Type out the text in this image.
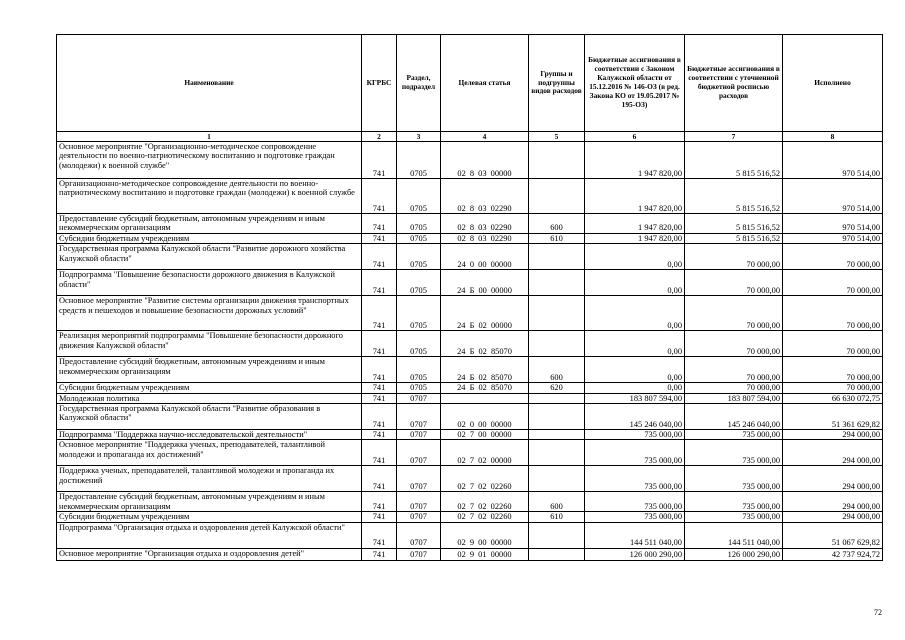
Наименование	КГРБС	Раздел, подраздел	Целевая статья	Группы и подгруппы видов расходов	Бюджетные ассигнования в соответствии с Законом Калужской области от 15.12.2016 № 146-ОЗ (в ред. Закона КО от 19.05.2017 № 195-ОЗ)	Бюджетные ассигнования в соответствии с уточненной бюджетной росписью расходов	Исполнено
1	2	3	4	5	6	7	8
Основное мероприятие "Организационно-методическое сопровождение деятельности по военно-патриотическому воспитанию и подготовке граждан (молодежи) к военной службе"	741	0705	02 8 03 00000		1 947 820,00	5 815 516,52	970 514,00
Организационно-методическое сопровождение деятельности по военно-патриотическому воспитанию и подготовке граждан (молодежи) к военной службе	741	0705	02 8 03 02290		1 947 820,00	5 815 516,52	970 514,00
Предоставление субсидий бюджетным, автономным учреждениям и иным некоммерческим организациям	741	0705	02 8 03 02290	600	1 947 820,00	5 815 516,52	970 514,00
Субсидии бюджетным учреждениям	741	0705	02 8 03 02290	610	1 947 820,00	5 815 516,52	970 514,00
Государственная программа Калужской области "Развитие дорожного хозяйства Калужской области"	741	0705	24 0 00 00000		0,00	70 000,00	70 000,00
Подпрограмма "Повышение безопасности дорожного движения в Калужской области"	741	0705	24 Б 00 00000		0,00	70 000,00	70 000,00
Основное мероприятие "Развитие системы организации движения транспортных средств и пешеходов и повышение безопасности дорожных условий"	741	0705	24 Б 02 00000		0,00	70 000,00	70 000,00
Реализация мероприятий подпрограммы "Повышение безопасности дорожного движения Калужской области"	741	0705	24 Б 02 85070		0,00	70 000,00	70 000,00
Предоставление субсидий бюджетным, автономным учреждениям и иным некоммерческим организациям	741	0705	24 Б 02 85070	600	0,00	70 000,00	70 000,00
Субсидии бюджетным учреждениям	741	0705	24 Б 02 85070	620	0,00	70 000,00	70 000,00
Молодежная политика	741	0707			183 807 594,00	183 807 594,00	66 630 072,75
Государственная программа Калужской области "Развитие образования в Калужской области"	741	0707	02 0 00 00000		145 246 040,00	145 246 040,00	51 361 629,82
Подпрограмма "Поддержка научно-исследовательской деятельности"	741	0707	02 7 00 00000		735 000,00	735 000,00	294 000,00
Основное мероприятие "Поддержка ученых, преподавателей, талантливой молодежи и пропаганда их достижений"	741	0707	02 7 02 00000		735 000,00	735 000,00	294 000,00
Поддержка ученых, преподавателей, талантливой молодежи и пропаганда их достижений	741	0707	02 7 02 02260		735 000,00	735 000,00	294 000,00
Предоставление субсидий бюджетным, автономным учреждениям и иным некоммерческим организациям	741	0707	02 7 02 02260	600	735 000,00	735 000,00	294 000,00
Субсидии бюджетным учреждениям	741	0707	02 7 02 02260	610	735 000,00	735 000,00	294 000,00
Подпрограмма "Организация отдыха и оздоровления детей Калужской области"	741	0707	02 9 00 00000		144 511 040,00	144 511 040,00	51 067 629,82
Основное мероприятие "Организация отдыха и оздоровления детей"	741	0707	02 9 01 00000		126 000 290,00	126 000 290,00	42 737 924,72
72
